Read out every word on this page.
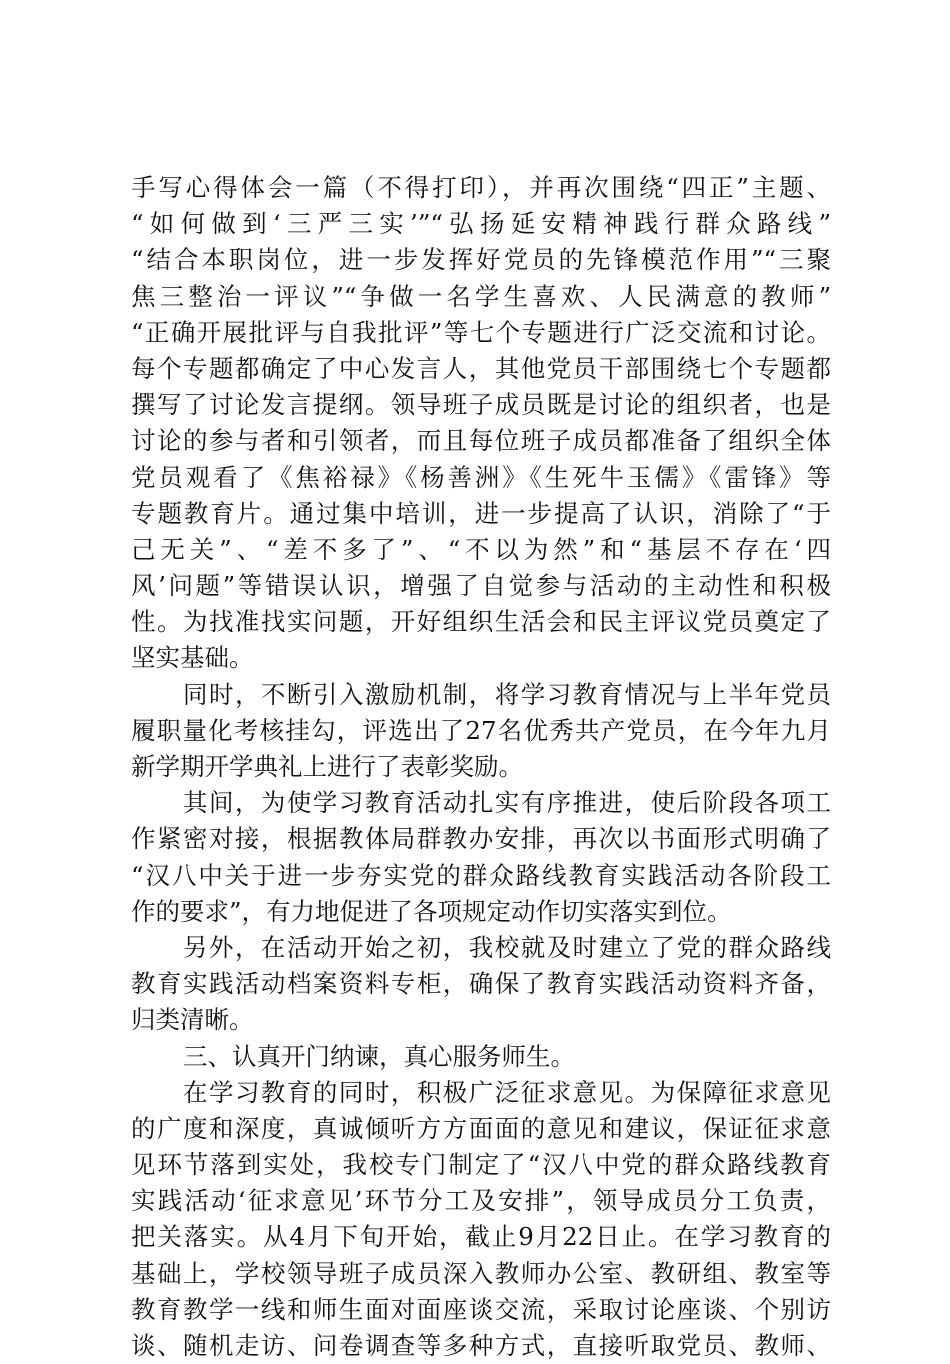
手写心得体会一篇（不得打印），并再次围绕“四正”主题、
“如何做到‘三严三实’”“弘扬延安精神践行群众路线”
“结合本职岗位，进一步发挥好党员的先锋模范作用”“三聚
焦三整治一评议”“争做一名学生喜欢、人民满意的教师”
“正确开展批评与自我批评”等七个专题进行广泛交流和讨论。
每个专题都确定了中心发言人，其他党员干部围绕七个专题都
撰写了讨论发言提纲。领导班子成员既是讨论的组织者，也是
讨论的参与者和引领者，而且每位班子成员都准备了组织全体
党员观看了《焦裕禄》《杨善洲》《生死牛玉儒》《雷锋》等
专题教育片。通过集中培训，进一步提高了认识，消除了“于
己无关”、“差不多了”、“不以为然”和“基层不存在‘四
风’问题”等错误认识，增强了自觉参与活动的主动性和积极
性。为找准找实问题，开好组织生活会和民主评议党员奠定了
坚实基础。
同时，不断引入激励机制，将学习教育情况与上半年党员
履职量化考核挂勾，评选出了27名优秀共产党员，在今年九月
新学期开学典礼上进行了表彰奖励。
其间，为使学习教育活动扎实有序推进，使后阶段各项工
作紧密对接，根据教体局群教办安排，再次以书面形式明确了
“汉八中关于进一步夯实党的群众路线教育实践活动各阶段工
作的要求”，有力地促进了各项规定动作切实落实到位。
另外，在活动开始之初，我校就及时建立了党的群众路线
教育实践活动档案资料专柜，确保了教育实践活动资料齐备，
归类清晰。
三、认真开门纳谏，真心服务师生。
在学习教育的同时，积极广泛征求意见。为保障征求意见
的广度和深度，真诚倾听方方面面的意见和建议，保证征求意
见环节落到实处，我校专门制定了“汉八中党的群众路线教育
实践活动‘征求意见’环节分工及安排”，领导成员分工负责，
把关落实。从4月下旬开始，截止9月22日止。在学习教育的
基础上，学校领导班子成员深入教师办公室、教研组、教室等
教育教学一线和师生面对面座谈交流，采取讨论座谈、个别访
谈、随机走访、问卷调查等多种方式，直接听取党员、教师、
